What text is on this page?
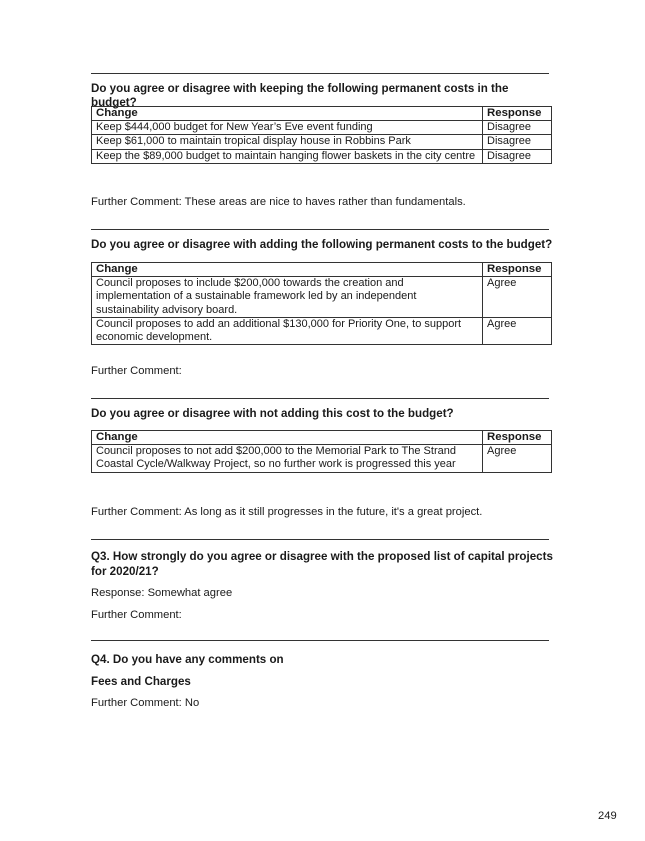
Do you agree or disagree with keeping the following permanent costs in the budget?
Change	Response
Keep $444,000 budget for New Year’s Eve event funding	Disagree
Keep $61,000 to maintain tropical display house in Robbins Park	Disagree
Keep the $89,000 budget to maintain hanging flower baskets in the city centre	Disagree
Further Comment: These areas are nice to haves rather than fundamentals.
Do you agree or disagree with adding the following permanent costs to the budget?
Change	Response
Council proposes to include $200,000 towards the creation and implementation of a sustainable framework led by an independent sustainability advisory board.	Agree
Council proposes to add an additional $130,000 for Priority One, to support economic development.	Agree
Further Comment:
Do you agree or disagree with not adding this cost to the budget?
Change	Response
Council proposes to not add $200,000 to the Memorial Park to The Strand Coastal Cycle/Walkway Project, so no further work is progressed this year	Agree
Further Comment: As long as it still progresses in the future, it's a great project.
Q3. How strongly do you agree or disagree with the proposed list of capital projects for 2020/21?
Response: Somewhat agree
Further Comment:
Q4. Do you have any comments on
Fees and Charges
Further Comment: No
249
